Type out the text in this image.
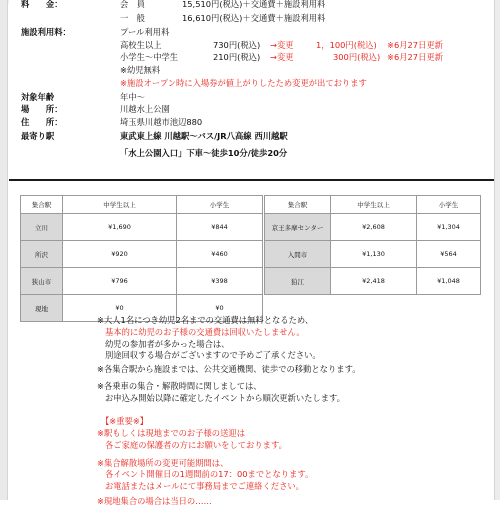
料　　金：	会　員	15,510円(税込)＋交通費＋施設利用料
一　般	16,610円(税込)＋交通費＋施設利用料
施設利用料：	プール利用料
高校生以上	730円(税込) →変更	1，100円(税込) ※6月27日更新
小学生～中学生	210円(税込) →変更	300円(税込) ※6月27日更新
※幼児無料
※施設オープン時に入場券が値上がりしたため変更が出ております
対象年齢	年中～
場　　所：	川越水上公園
住　　所：	埼玉県川越市池辺880
最寄り駅	東武東上線 川越駅～バス/JR八高線 西川越駅
「水上公園入口」下車～徒歩10分/徒歩20分
集合駅	中学生以上	小学生
立川	¥1,690	¥844
所沢	¥920	¥460
狭山市	¥796	¥398
現地	¥0	¥0
集合駅	中学生以上	小学生
京王多摩センター	¥2,608	¥1,304
入間市	¥1,130	¥564
狛江	¥2,418	¥1,048
※大人1名につき幼児2名までの交通費は無料となるため、
基本的に幼児のお子様の交通費は回収いたしません。
幼児の参加者が多かった場合は、
別途回収する場合がございますので予めご了承ください。
※各集合駅から施設までは、公共交通機関、徒歩での移動となります。
※各乗車の集合・解散時間に関しましては、
お申込み開始以降に確定したイベントから順次更新いたします。
【※重要※】
※駅もしくは現地までのお子様の送迎は
各ご家庭の保護者の方にお願いをしております。
※集合解散場所の変更可能期間は、
各イベント開催日の1週間前の17：00までとなります。
お電話またはメールにて事務局までご連絡ください。
※現地集合の場合は当日の……
